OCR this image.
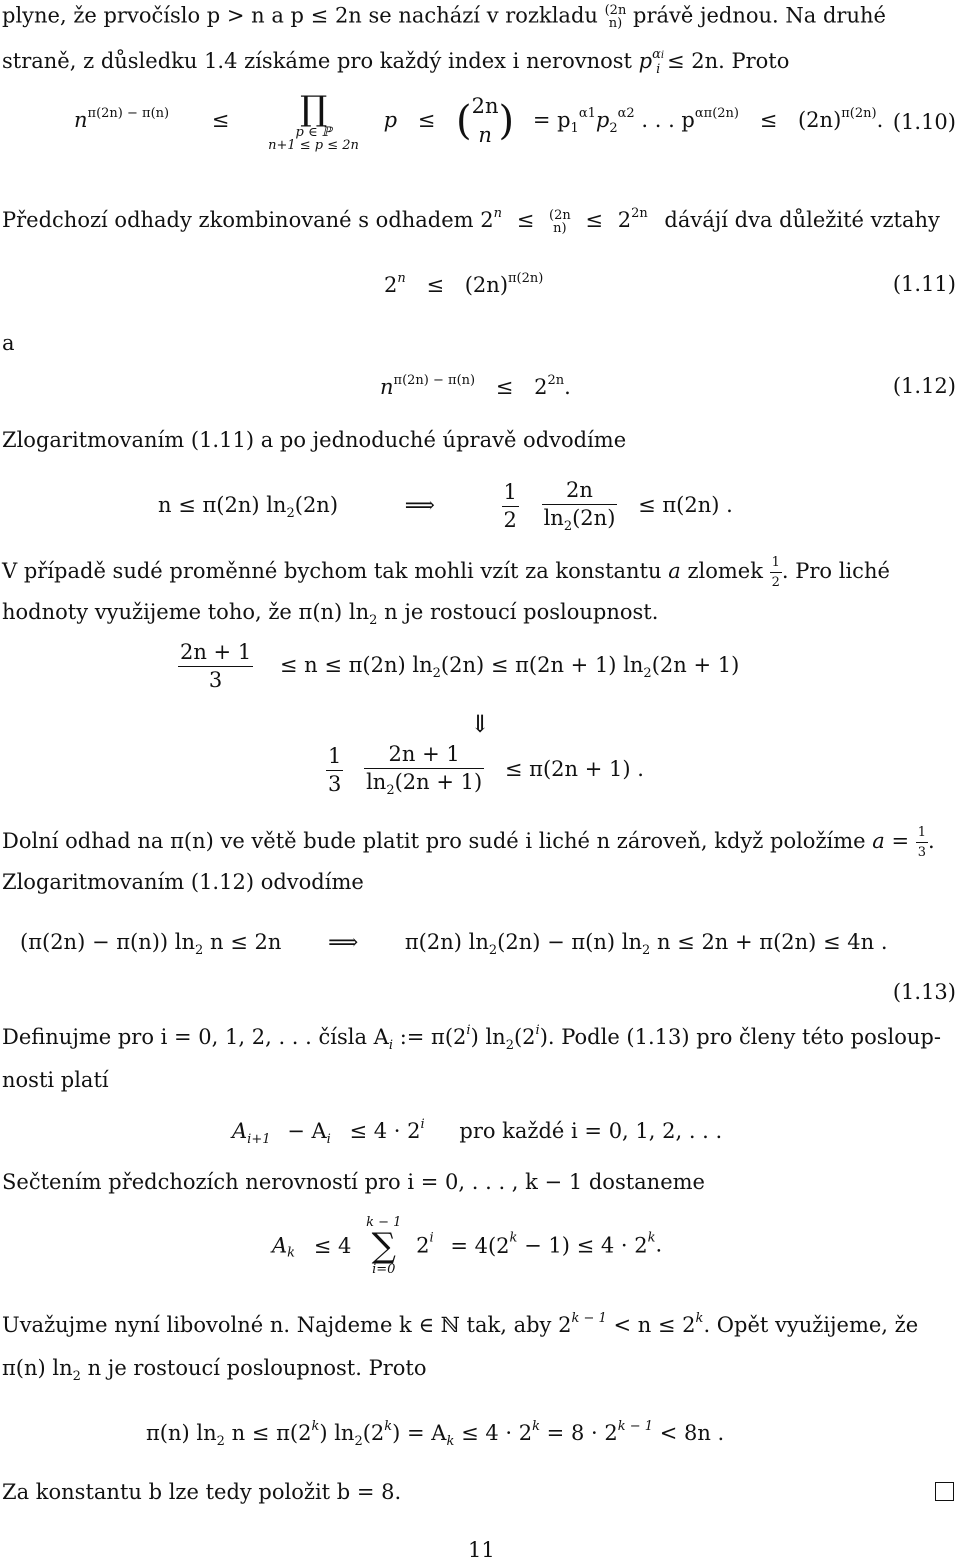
plyne, že prvočíslo p > n a p ≤ 2n se nachází v rozkladu (2n
n) právě jednou. Na druhé
straně, z důsledku 1.4 získáme pro každý index i nerovnost $p^{\alpha i}_i \le 2n$. Proto
$n^{\pi(2n) - \pi(n)}$ ≤	∏
p ∈ ℙ
n+1 ≤ p ≤ 2n
p ≤ (2n
n ) = $p_1^{\alpha 1}p_2^{\alpha 2}$ . . . $p^{\alpha\pi(2n)} \le (2n)^{\pi(2n)}$. (1.10)
Předchozí odhady zkombinované s odhadem $2^n \le (2n$
$n) \le 2^{2n}$ dávájí dva důležité vztahy
$2^n \le (2n)^{\pi(2n)}$	(1.11)
a
$n^{\pi(2n) - \pi(n)} \le 2^{2n}$.	(1.12)
Zlogaritmovaním (1.11) a po jednoduché úpravě odvodíme
n ≤ π(2n) $\ln_2(2n)$	⟹	$\frac{1}{2}$
$\frac{2n}{\ln_2(2n)} \le \pi(2n)$ .
V případě sudé proměnné bychom tak mohli vzít za konstantu a zlomek $\frac{1}{2}$ . Pro liché
hodnoty využijeme toho, že π(n) $\ln_2 n$ je rostoucí posloupnost.
$\frac{2n + 1}{3} \le n \le \pi(2n) \ln_2(2n) \le \pi(2n + 1) \ln_2(2n + 1)$
⇓
$\frac{1}{3}$
$\frac{2n + 1}{\ln_2(2n + 1)} \le \pi(2n + 1)$ .
Dolní odhad na π(n) ve větě bude platit pro sudé i liché n zároveň, když položíme $a = \frac{1}{3}$ .
Zlogaritmovaním (1.12) odvodíme
(π(2n) − π(n)) $\ln_2 n \le 2n$ ⟹ π(2n) $\ln_2(2n) - \pi(n)$ $\ln_2 n \le 2n + \pi(2n) \le 4n$ .
(1.13)
Definujme pro i = 0, 1, 2, . . . čísla $A_i$ := $\pi(2^i)$ $\ln_2(2^i)$. Podle (1.13) pro členy této posloup-
nosti platí
$A_{i+1} - A_i \le 4 \cdot 2^i$ pro každé i = 0, 1, 2, . . .
Sečtením předchozích nerovností pro i = 0, . . . , k − 1 dostaneme
$A_k \le 4$
k − 1
∑
i=0
$2^i = 4(2^k - 1) \le 4 \cdot 2^k$.
Uvažujme nyní libovolné n. Najdeme k ∈ ℕ tak, aby $2^{k - 1} < n \le 2^k$. Opět využijeme, že
π(n) $\ln_2 n$ je rostoucí posloupnost. Proto
π(n) $\ln_2 n \le \pi(2^k) \ln_2(2^k) = A_k \le 4 \cdot 2^k = 8 \cdot 2^{k - 1} < 8n$ .
Za konstantu b lze tedy položit b = 8.
11
